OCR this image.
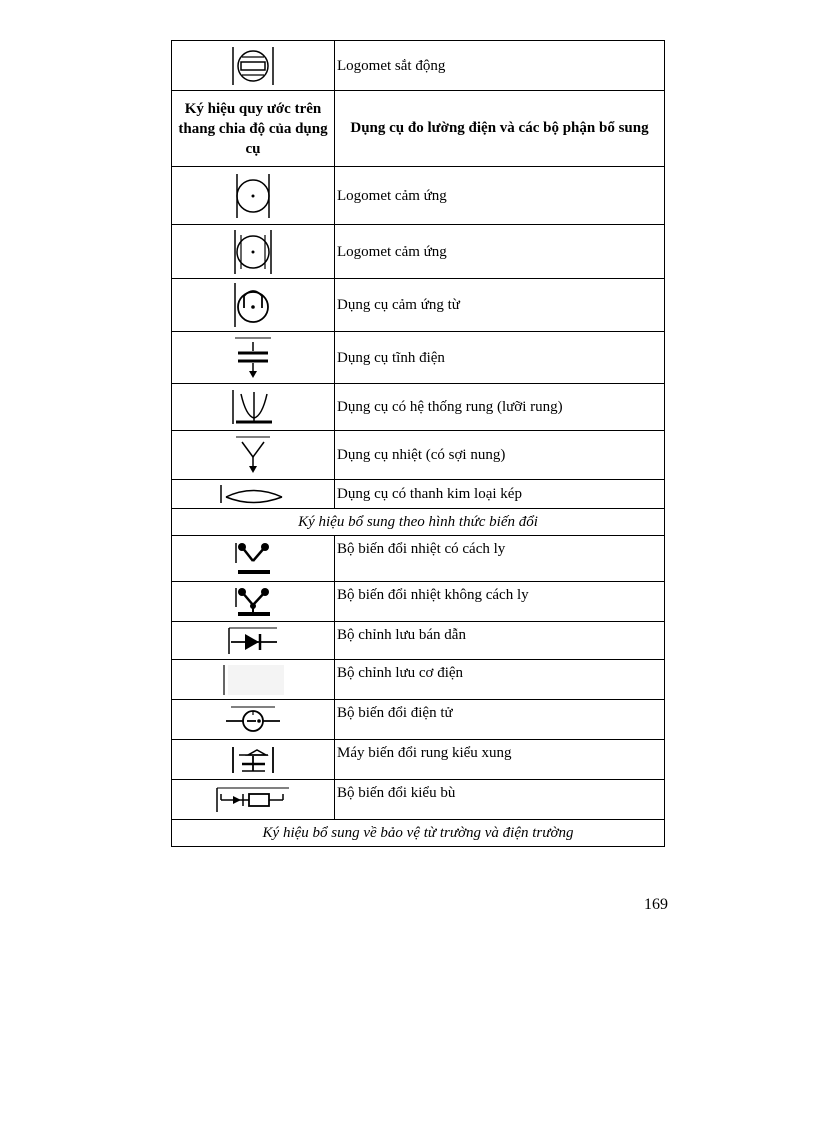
	Logomet sắt động
Ký hiệu quy ước trên thang chia độ của dụng cụ	Dụng cụ đo lường điện và các bộ phận bổ sung

	Logomet cảm ứng

	Logomet cảm ứng

	Dụng cụ cảm ứng từ

	Dụng cụ tĩnh điện

	Dụng cụ có hệ thống rung (lưỡi rung)

	Dụng cụ nhiệt (có sợi nung)

	Dụng cụ có thanh kim loại kép
Ký hiệu bổ sung theo hình thức biến đổi	

	Bộ biến đổi nhiệt có cách ly

	Bộ biến đổi nhiệt không cách ly

	Bộ chỉnh lưu bán dẫn

	Bộ chỉnh lưu cơ điện

	Bộ biến đổi điện tử

	Máy biến đổi rung kiểu xung

	Bộ biến đổi kiểu bù
Ký hiệu bổ sung về bảo vệ từ trường và điện trường	
169
